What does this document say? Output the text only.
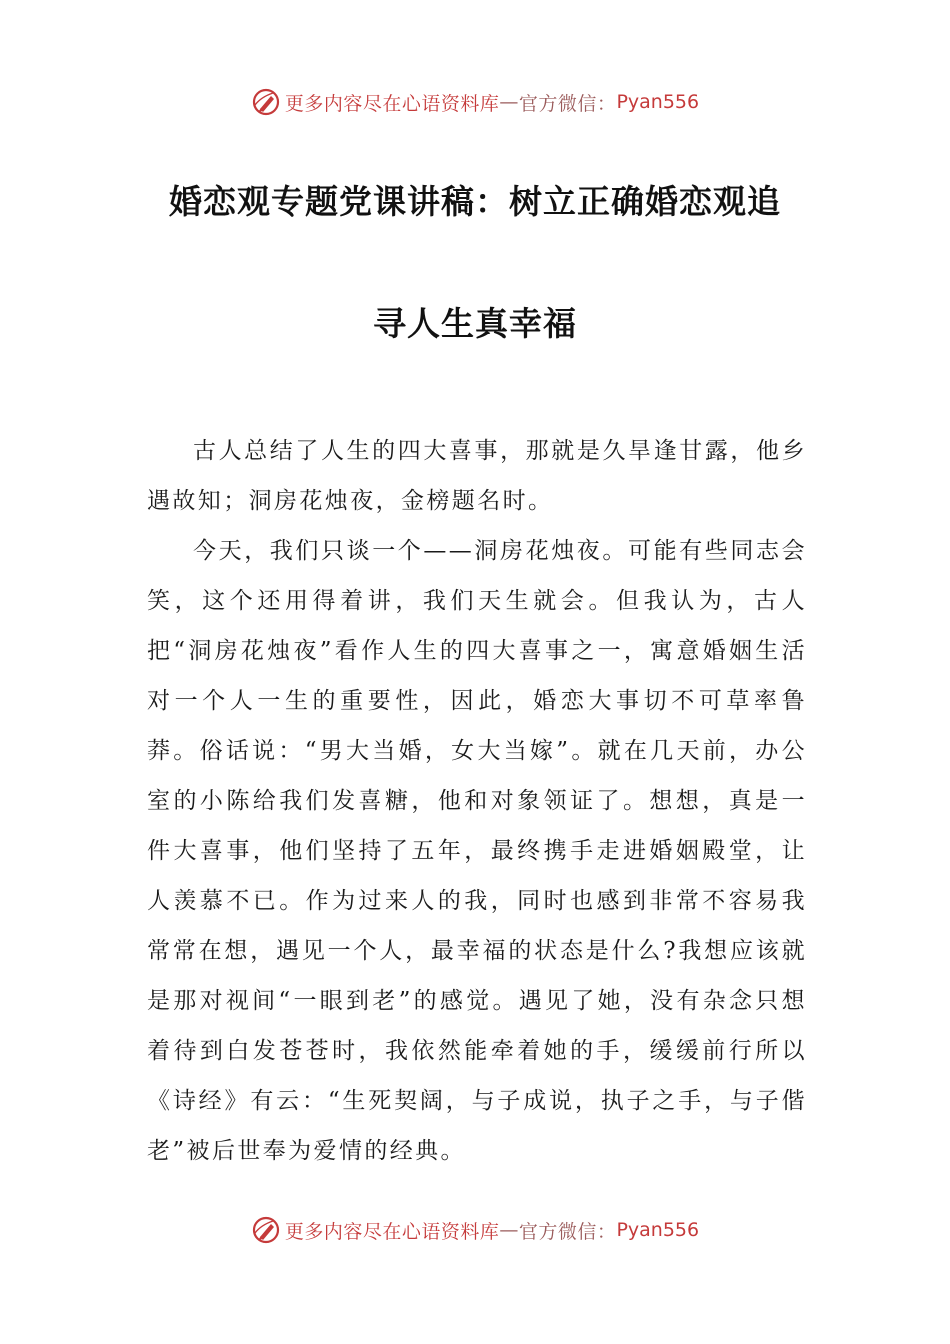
更多内容尽在心语资料库 — 官方微信： Pyan556
婚恋观专题党课讲稿：树立正确婚恋观追
寻人生真幸福

古人总结了人生的四大喜事，那就是久旱逢甘露，他乡遇故知；洞房花烛夜，金榜题名时。

今天，我们只谈一个——洞房花烛夜。可能有些同志会笑，这个还用得着讲，我们天生就会。但我认为，古人把“洞房花烛夜”看作人生的四大喜事之一，寓意婚姻生活对一个人一生的重要性，因此，婚恋大事切不可草率鲁莽。俗话说：“男大当婚，女大当嫁”。就在几天前，办公室的小陈给我们发喜糖，他和对象领证了。想想，真是一件大喜事，他们坚持了五年，最终携手走进婚姻殿堂，让人羡慕不已。作为过来人的我，同时也感到非常不容易我常常在想，遇见一个人，最幸福的状态是什么?我想应该就是那对视间“一眼到老”的感觉。遇见了她，没有杂念只想着待到白发苍苍时，我依然能牵着她的手，缓缓前行所以《诗经》有云：“生死契阔，与子成说，执子之手，与子偕老”被后世奉为爱情的经典。

更多内容尽在心语资料库 — 官方微信： Pyan556
